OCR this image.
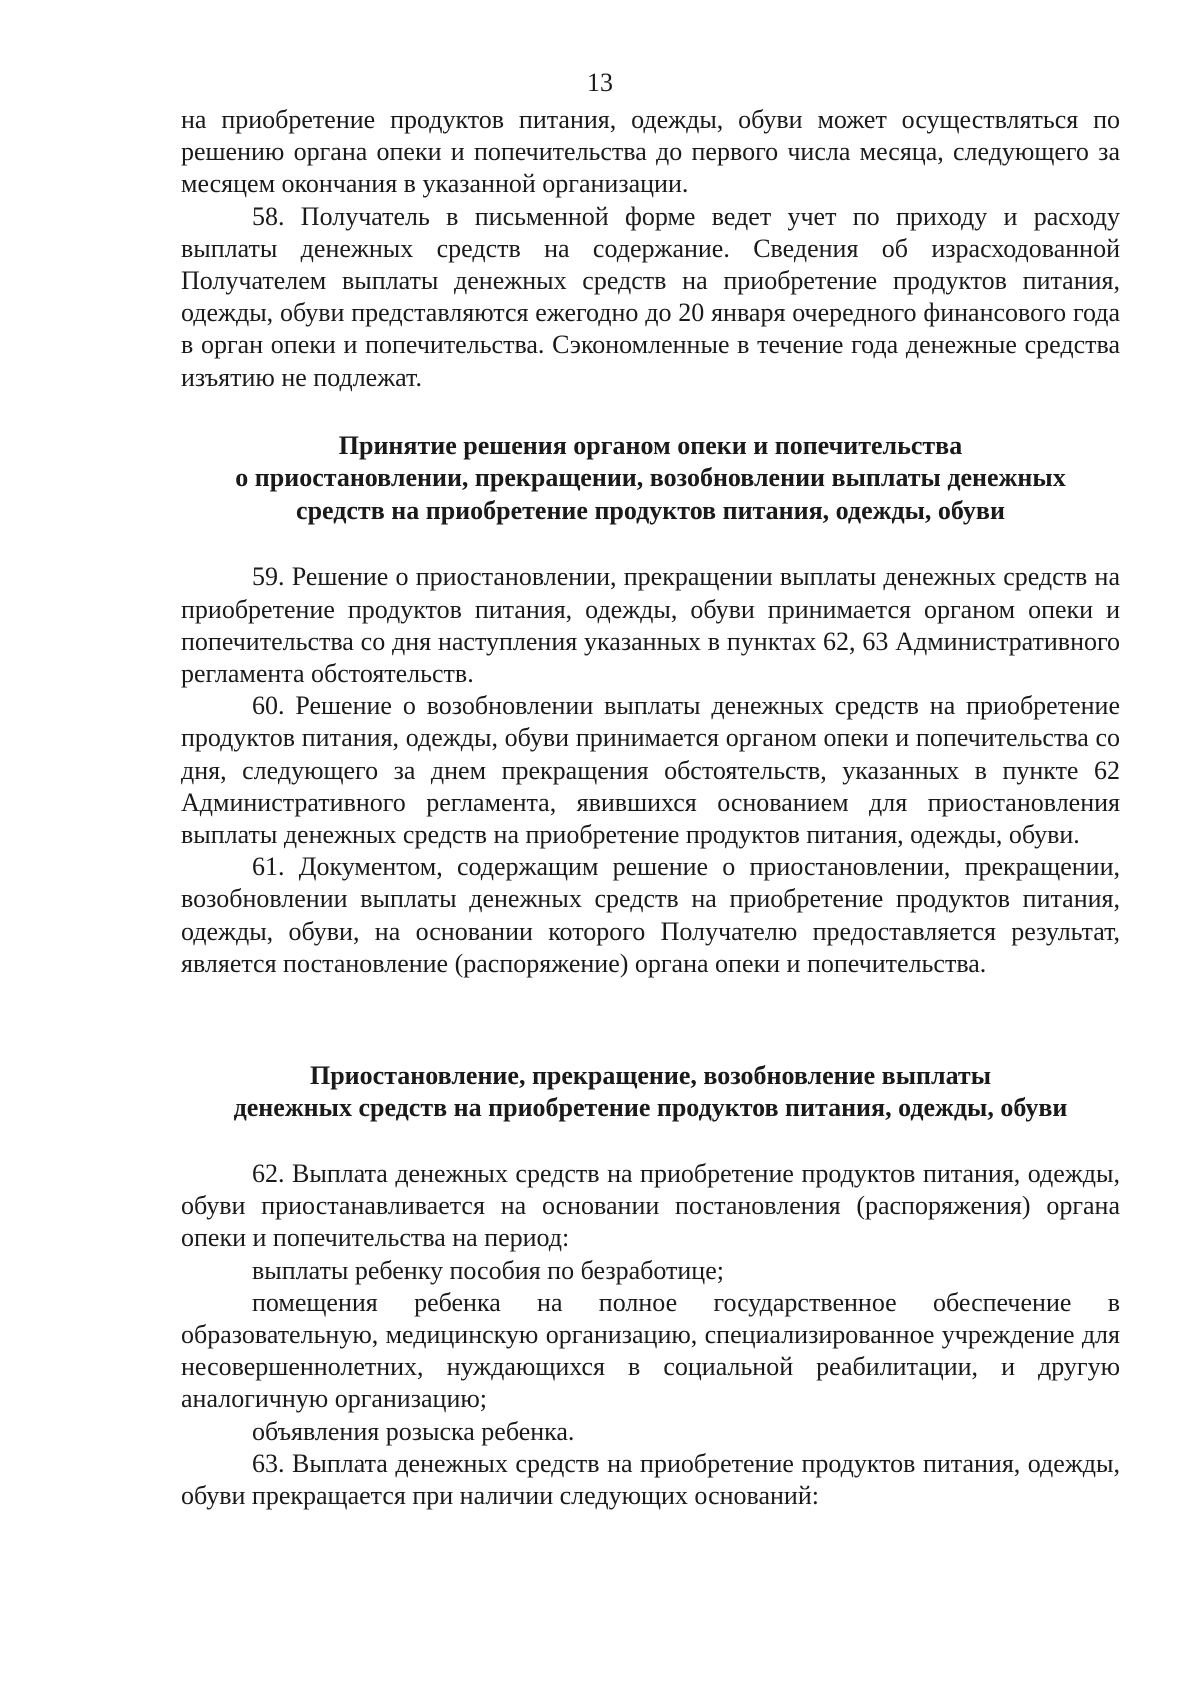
13

на приобретение продуктов питания, одежды, обуви может осуществляться по решению органа опеки и попечительства до первого числа месяца, следующего за месяцем окончания в указанной организации.

58. Получатель в письменной форме ведет учет по приходу и расходу выплаты денежных средств на содержание. Сведения об израсходованной Получателем выплаты денежных средств на приобретение продуктов питания, одежды, обуви представляются ежегодно до 20 января очередного финансового года в орган опеки и попечительства. Сэкономленные в течение года денежные средства изъятию не подлежат.

Принятие решения органом опеки и попечительства
о приостановлении, прекращении, возобновлении выплаты денежных
средств на приобретение продуктов питания, одежды, обуви

59. Решение о приостановлении, прекращении выплаты денежных средств на приобретение продуктов питания, одежды, обуви принимается органом опеки и попечительства со дня наступления указанных в пунктах 62, 63 Административного регламента обстоятельств.

60. Решение о возобновлении выплаты денежных средств на приобретение продуктов питания, одежды, обуви принимается органом опеки и попечительства со дня, следующего за днем прекращения обстоятельств, указанных в пункте 62 Административного регламента, явившихся основанием для приостановления выплаты денежных средств на приобретение продуктов питания, одежды, обуви.

61. Документом, содержащим решение о приостановлении, прекращении, возобновлении выплаты денежных средств на приобретение продуктов питания, одежды, обуви, на основании которого Получателю предоставляется результат, является постановление (распоряжение) органа опеки и попечительства.

Приостановление, прекращение, возобновление выплаты
денежных средств на приобретение продуктов питания, одежды, обуви

62. Выплата денежных средств на приобретение продуктов питания, одежды, обуви приостанавливается на основании постановления (распоряжения) органа опеки и попечительства на период:

выплаты ребенку пособия по безработице;

помещения ребенка на полное государственное обеспечение в образовательную, медицинскую организацию, специализированное учреждение для несовершеннолетних, нуждающихся в социальной реабилитации, и другую аналогичную организацию;

объявления розыска ребенка.

63. Выплата денежных средств на приобретение продуктов питания, одежды, обуви прекращается при наличии следующих оснований:
